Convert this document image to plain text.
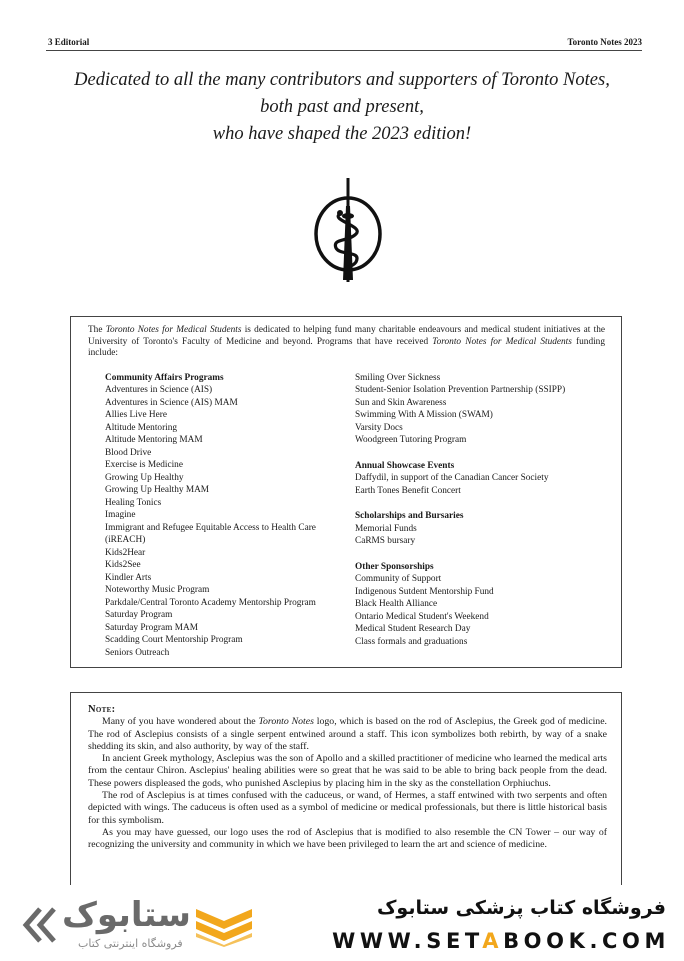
3 Editorial	Toronto Notes 2023
Dedicated to all the many contributors and supporters of Toronto Notes,
both past and present,
who have shaped the 2023 edition!

The Toronto Notes for Medical Students is dedicated to helping fund many charitable endeavours and medical student initiatives at the University of Toronto's Faculty of Medicine and beyond. Programs that have received Toronto Notes for Medical Students funding include:

Community Affairs Programs
Adventures in Science (AIS)
Adventures in Science (AIS) MAM
Allies Live Here
Altitude Mentoring
Altitude Mentoring MAM
Blood Drive
Exercise is Medicine
Growing Up Healthy
Growing Up Healthy MAM
Healing Tonics
Imagine
Immigrant and Refugee Equitable Access to Health Care
(iREACH)
Kids2Hear
Kids2See
Kindler Arts
Noteworthy Music Program
Parkdale/Central Toronto Academy Mentorship Program
Saturday Program
Saturday Program MAM
Scadding Court Mentorship Program
Seniors Outreach
Smiling Over Sickness
Student-Senior Isolation Prevention Partnership (SSIPP)
Sun and Skin Awareness
Swimming With A Mission (SWAM)
Varsity Docs
Woodgreen Tutoring Program
Annual Showcase Events
Daffydil, in support of the Canadian Cancer Society
Earth Tones Benefit Concert
Scholarships and Bursaries
Memorial Funds
CaRMS bursary
Other Sponsorships
Community of Support
Indigenous Sutdent Mentorship Fund
Black Health Alliance
Ontario Medical Student's Weekend
Medical Student Research Day
Class formals and graduations
Note:

Many of you have wondered about the Toronto Notes logo, which is based on the rod of Asclepius, the Greek god of medicine. The rod of Asclepius consists of a single serpent entwined around a staff. This icon symbolizes both rebirth, by way of a snake shedding its skin, and also authority, by way of the staff.

In ancient Greek mythology, Asclepius was the son of Apollo and a skilled practitioner of medicine who learned the medical arts from the centaur Chiron. Asclepius' healing abilities were so great that he was said to be able to bring back people from the dead. These powers displeased the gods, who punished Asclepius by placing him in the sky as the constellation Orphiuchus.

The rod of Asclepius is at times confused with the caduceus, or wand, of Hermes, a staff entwined with two serpents and often depicted with wings. The caduceus is often used as a symbol of medicine or medical professionals, but there is little historical basis for this symbolism.

As you may have guessed, our logo uses the rod of Asclepius that is modified to also resemble the CN Tower – our way of recognizing the university and community in which we have been privileged to learn the art and science of medicine.

ستابوک
فروشگاه اینترنتی کتاب
فروشگاه کتاب پزشکی ستابوک
WWW.SETABOOK.COM
